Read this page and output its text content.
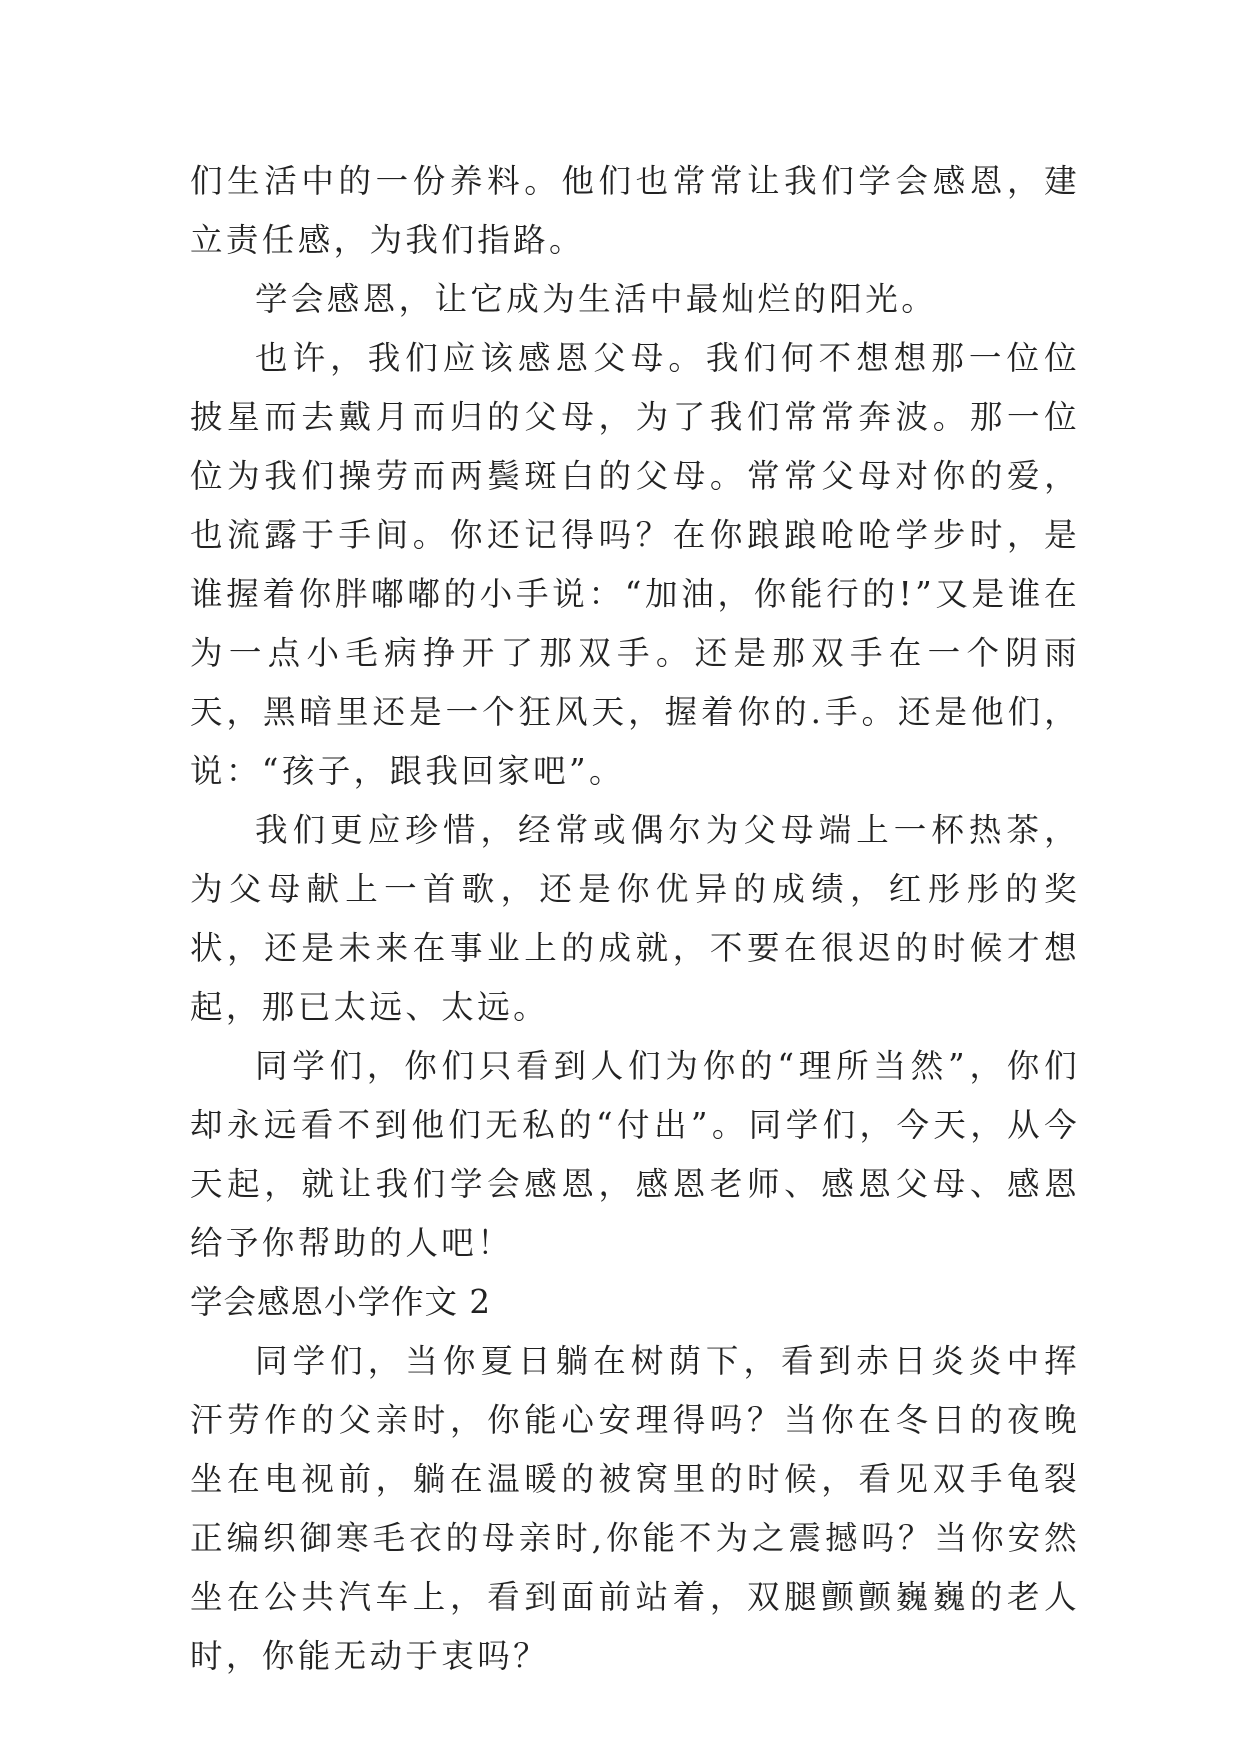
们生活中的一份养料。他们也常常让我们学会感恩，建立责任感，为我们指路。

学会感恩，让它成为生活中最灿烂的阳光。

也许，我们应该感恩父母。我们何不想想那一位位披星而去戴月而归的父母，为了我们常常奔波。那一位位为我们操劳而两鬓斑白的父母。常常父母对你的爱，也流露于手间。你还记得吗？在你踉踉呛呛学步时，是谁握着你胖嘟嘟的小手说：“加油，你能行的!”又是谁在为一点小毛病挣开了那双手。还是那双手在一个阴雨天，黑暗里还是一个狂风天，握着你的.手。还是他们，说：“孩子，跟我回家吧”。

我们更应珍惜，经常或偶尔为父母端上一杯热茶，为父母献上一首歌，还是你优异的成绩，红彤彤的奖状，还是未来在事业上的成就，不要在很迟的时候才想起，那已太远、太远。

同学们，你们只看到人们为你的“理所当然”，你们却永远看不到他们无私的“付出”。同学们，今天，从今天起，就让我们学会感恩，感恩老师、感恩父母、感恩给予你帮助的人吧！

学会感恩小学作文 2

同学们，当你夏日躺在树荫下，看到赤日炎炎中挥汗劳作的父亲时，你能心安理得吗？当你在冬日的夜晚坐在电视前，躺在温暖的被窝里的时候，看见双手龟裂正编织御寒毛衣的母亲时,你能不为之震撼吗？当你安然坐在公共汽车上，看到面前站着，双腿颤颤巍巍的老人时，你能无动于衷吗？
